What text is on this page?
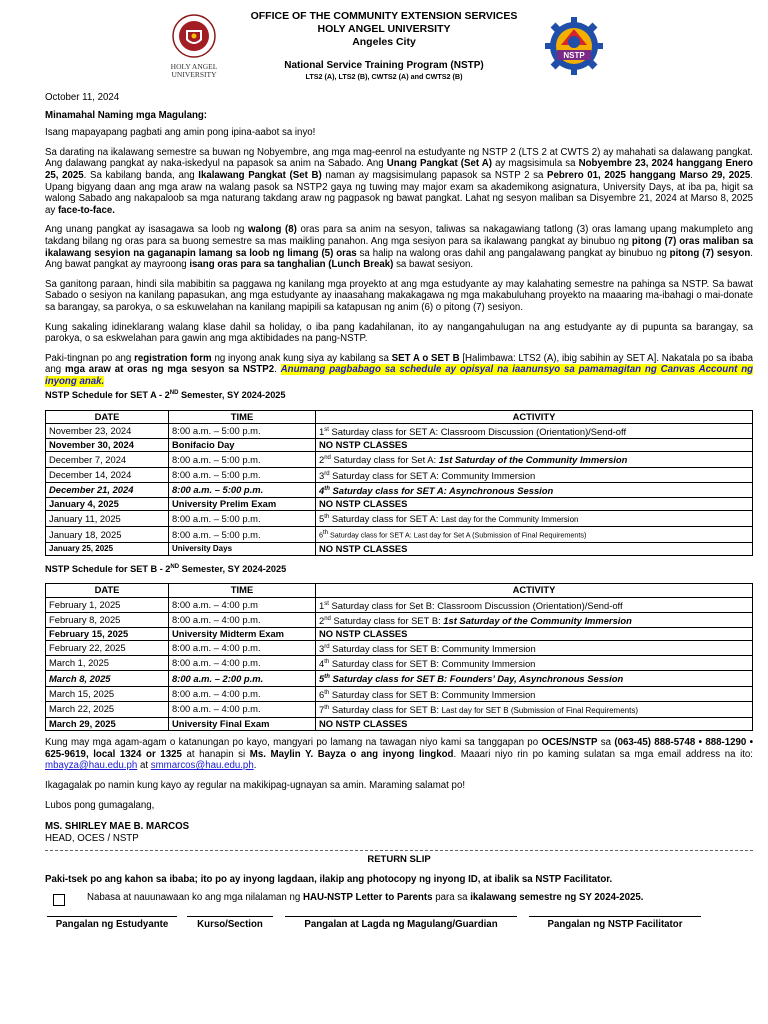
HOLY ANGEL
UNIVERSITY
OFFICE OF THE COMMUNITY EXTENSION SERVICES
HOLY ANGEL UNIVERSITY
Angeles City
National Service Training Program (NSTP)
LTS2 (A), LTS2 (B), CWTS2 (A) and CWTS2 (B)
NSTP

October 11, 2024

Minamahal Naming mga Magulang:

Isang mapayapang pagbati ang amin pong ipina-aabot sa inyo!

Sa darating na ikalawang semestre sa buwan ng Nobyembre, ang mga mag-eenrol na estudyante ng NSTP 2 (LTS 2 at CWTS 2) ay mahahati sa dalawang pangkat. Ang dalawang pangkat ay naka-iskedyul na papasok sa anim na Sabado. Ang Unang Pangkat (Set A) ay magsisimula sa Nobyembre 23, 2024 hanggang Enero 25, 2025. Sa kabilang banda, ang Ikalawang Pangkat (Set B) naman ay magsisimulang papasok sa NSTP 2 sa Pebrero 01, 2025 hanggang Marso 29, 2025. Upang bigyang daan ang mga araw na walang pasok sa NSTP2 gaya ng tuwing may major exam sa akademikong asignatura, University Days, at iba pa, higit sa walong Sabado ang nakapaloob sa mga naturang takdang araw ng pagpasok ng bawat pangkat. Lahat ng sesyon maliban sa Disyembre 21, 2024 at Marso 8, 2025 ay face-to-face.

Ang unang pangkat ay isasagawa sa loob ng walong (8) oras para sa anim na sesyon, taliwas sa nakagawiang tatlong (3) oras lamang upang makumpleto ang takdang bilang ng oras para sa buong semestre sa mas maikling panahon. Ang mga sesiyon para sa ikalawang pangkat ay binubuo ng pitong (7) oras maliban sa ikalawang sesyion na gaganapin lamang sa loob ng limang (5) oras sa halip na walong oras dahil ang pangalawang pangkat ay binubuo ng pitong (7) sesyon. Ang bawat pangkat ay mayroong isang oras para sa tanghalian (Lunch Break) sa bawat sesiyon.

Sa ganitong paraan, hindi sila mabibitin sa paggawa ng kanilang mga proyekto at ang mga estudyante ay may kalahating semestre na pahinga sa NSTP. Sa bawat Sabado o sesiyon na kanilang papasukan, ang mga estudyante ay inaasahang makakagawa ng mga makabuluhang proyekto na maaaring ma-ibahagi o mai-donate sa barangay, sa parokya, o sa eskuwelahan na kanilang mapipili sa katapusan ng anim (6) o pitong (7) sesiyon.

Kung sakaling idineklarang walang klase dahil sa holiday, o iba pang kadahilanan, ito ay nangangahulugan na ang estudyante ay di pupunta sa barangay, sa parokya, o sa eskwelahan para gawin ang mga aktibidades na pang-NSTP.

Paki-tingnan po ang registration form ng inyong anak kung siya ay kabilang sa SET A o SET B [Halimbawa: LTS2 (A), ibig sabihin ay SET A]. Nakatala po sa ibaba ang mga araw at oras ng mga sesyon sa NSTP2. Anumang pagbabago sa schedule ay opisyal na iaanunsyo sa pamamagitan ng Canvas Account ng inyong anak.

NSTP Schedule for SET A - 2ND Semester, SY 2024-2025

DATE	TIME	ACTIVITY
November 23, 2024	8:00 a.m. – 5:00 p.m.	1st Saturday class for SET A: Classroom Discussion (Orientation)/Send-off
November 30, 2024	Bonifacio Day	NO NSTP CLASSES
December 7, 2024	8:00 a.m. – 5:00 p.m.	2nd Saturday class for Set A: 1st Saturday of the Community Immersion
December 14, 2024	8:00 a.m. – 5:00 p.m.	3rd Saturday class for SET A: Community Immersion
December 21, 2024	8:00 a.m. – 5:00 p.m.	4th Saturday class for SET A: Asynchronous Session
January 4, 2025	University Prelim Exam	NO NSTP CLASSES
January 11, 2025	8:00 a.m. – 5:00 p.m.	5th Saturday class for SET A: Last day for the Community Immersion
January 18, 2025	8:00 a.m. – 5:00 p.m.	6th Saturday class for SET A: Last day for Set A (Submission of Final Requirements)
January 25, 2025	University Days	NO NSTP CLASSES

NSTP Schedule for SET B - 2ND Semester, SY 2024-2025

DATE	TIME	ACTIVITY
February 1, 2025	8:00 a.m. – 4:00 p.m	1st Saturday class for Set B: Classroom Discussion (Orientation)/Send-off
February 8, 2025	8:00 a.m. – 4:00 p.m.	2nd Saturday class for SET B: 1st Saturday of the Community Immersion
February 15, 2025	University Midterm Exam	NO NSTP CLASSES
February 22, 2025	8:00 a.m. – 4:00 p.m.	3rd Saturday class for SET B: Community Immersion
March 1, 2025	8:00 a.m. – 4:00 p.m.	4th Saturday class for SET B: Community Immersion
March 8, 2025	8:00 a.m. – 2:00 p.m.	5th Saturday class for SET B: Founders’ Day, Asynchronous Session
March 15, 2025	8:00 a.m. – 4:00 p.m.	6th Saturday class for SET B: Community Immersion
March 22, 2025	8:00 a.m. – 4:00 p.m.	7th Saturday class for SET B: Last day for SET B (Submission of Final Requirements)
March 29, 2025	University Final Exam	NO NSTP CLASSES

Kung may mga agam-agam o katanungan po kayo, mangyari po lamang na tawagan niyo kami sa tanggapan po OCES/NSTP sa (063-45) 888-5748 • 888-1290 • 625-9619, local 1324 or 1325 at hanapin si Ms. Maylin Y. Bayza o ang inyong lingkod. Maaari niyo rin po kaming sulatan sa mga email address na ito: mbayza@hau.edu.ph at smmarcos@hau.edu.ph.

Ikagagalak po namin kung kayo ay regular na makikipag-ugnayan sa amin. Maraming salamat po!

Lubos pong gumagalang,

MS. SHIRLEY MAE B. MARCOS

HEAD, OCES / NSTP

RETURN SLIP

Paki-tsek po ang kahon sa ibaba; ito po ay inyong lagdaan, ilakip ang photocopy ng inyong ID, at ibalik sa NSTP Facilitator.

Nabasa at nauunawaan ko ang mga nilalaman ng HAU-NSTP Letter to Parents para sa ikalawang semestre ng SY 2024-2025.
Pangalan ng Estudyante	Kurso/Section	Pangalan at Lagda ng Magulang/Guardian	Pangalan ng NSTP Facilitator
